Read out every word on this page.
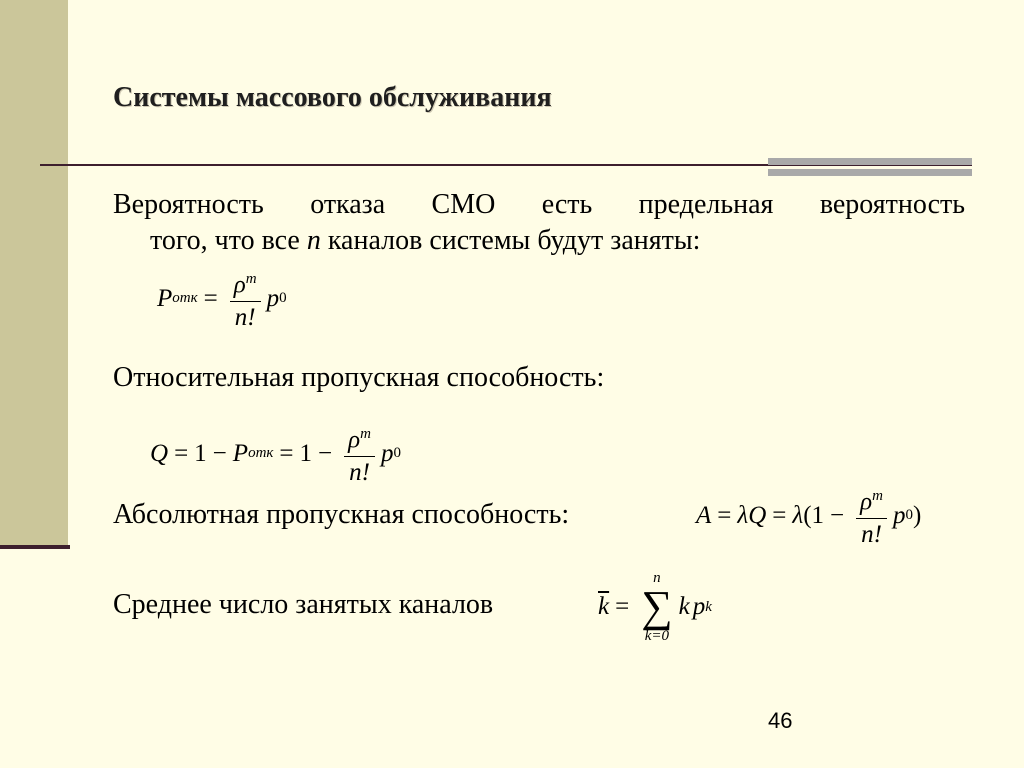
Системы массового обслуживания
Вероятность отказа СМО есть предельная вероятность
того, что все n каналов системы будут заняты:
P отк = $\frac{\rho^m}{n!}$ p 0
Относительная пропускная способность:
Q = 1 − P отк = $1 - \frac{\rho^m}{n!}$ p 0
Абсолютная пропускная способность:	A = λQ = λ ($1 - \frac{\rho^m}{n!}$ p 0 )
Среднее число занятых каналов	$\overline{k}$ =
n
∑
k=0
k p k
46
